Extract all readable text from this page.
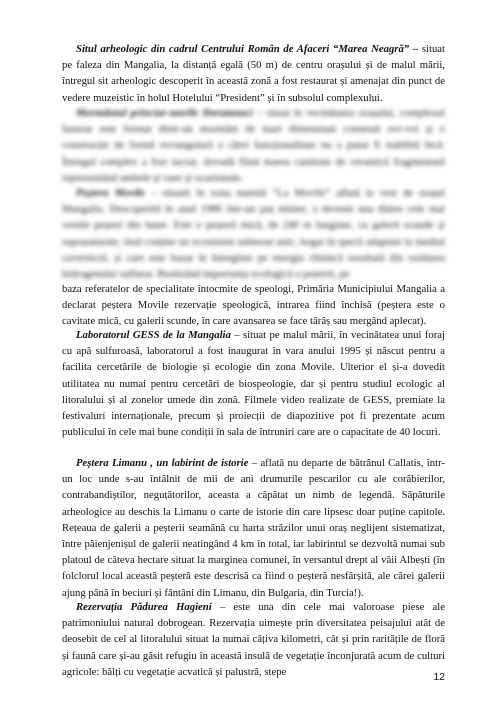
Situl arheologic din cadrul Centrului Român de Afaceri “Marea Neagră” – situat pe faleza din Mangalia, la distanță egală (50 m) de centru orașului și de malul mării, întregul sit arheologic descoperit în această zonă a fost restaurat și amenajat din punct de vedere muzeistic în holul Hotelului “President” și în subsolul complexului.

Mormântul princiar-morile Dorumnaci – situat în vecinătatea orașului, complexul funerar este format dintr-un mormânt de mari dimensiuni construit ovr-voi și o construcție de formă rectangulară a cărei funcționalitate nu a putut fi stabilită încă. Întregul complex a fost lucrat, dovadă fiind marea cantitate de ceramică fragmentară reprezentând ambele și vase și ocazionale.

Peștera Movile – situată în zona numită “La Movile” aflată la vest de orașul Mangalia. Descoperită în anul 1986 într-un puț minier, a devenit una dintre cele mai vestite peșteri din lume. Este o peșteră mică, de 240 m lungime, cu galerii scunde și suprasaturate, însă conține un ecosistem subteran unic, bogat în specii adaptate la mediul cavernicol, și care este bazat în întregime pe energia chimică rezultată din oxidarea hidrogenului sulfurat. Realizând importanța ecologică a peșterii, pe

baza referatelor de specialitate întocmite de speologi, Primăria Municipiului Mangalia a declarat peștera Movile rezervație speologică, intrarea fiind închisă (peștera este o cavitate mică, cu galerii scunde, în care avansarea se face târâș sau mergând aplecat).

Laboratorul GESS de la Mangalia – situat pe malul mării, în vecinătatea unui foraj cu apă sulfuroasă, laboratorul a fost inaugurat în vara anului 1995 și născut pentru a facilita cercetările de biologie și ecologie din zona Movile. Ulterior el și-a dovedit utilitatea nu numai pentru cercetări de biospeologie, dar și pentru studiul ecologic al litoralului și al zonelor umede din zonă. Filmele video realizate de GESS, premiate la festivalurí internaționale, precum și proiecții de diapozitive pot fi prezentate acum publicului în cele mai bune condiții în sala de întruniri care are o capacitate de 40 locuri.

Peștera Limanu , un labirint de istorie – aflată nu departe de bătrânul Callatis, într-un loc unde s-au întâlnit de mii de ani drumurile pescarilor cu ale corăbierilor, contrabandiștilor, neguțătorilor, aceasta a căpătat un nimb de legendă. Săpăturile arheologice au deschis la Limanu o carte de istorie din care lipsesc doar puține capitole. Rețeaua de galerii a peșterii seamănă cu harta străzilor unui oraș neglijent sistematizat, între păienjenișul de galerii neatingând 4 km în total, iar labirintul se dezvoltă numai sub platoul de câteva hectare situat la marginea comunei, în versantul drept al văii Albești (în folclorul local această peșteră este descrisă ca fiind o peșteră nesfârșită, ale cărei galerii ajung până în beciuri și fântâni din Limanu, din Bulgaria, din Turcia!).

Rezervația Pădurea Hagieni – este una din cele mai valoroase piese ale patrimoniului natural dobrogean. Rezervația uimește prin diversitatea peisajului atât de deosebit de cel al litoralului situat la numai câțiva kilometri, cât și prin raritățile de floră și faună care și-au găsit refugiu în această insulă de vegetație înconjurată acum de culturi agricole: bălți cu vegetație acvatică și palustră, stepe	12
